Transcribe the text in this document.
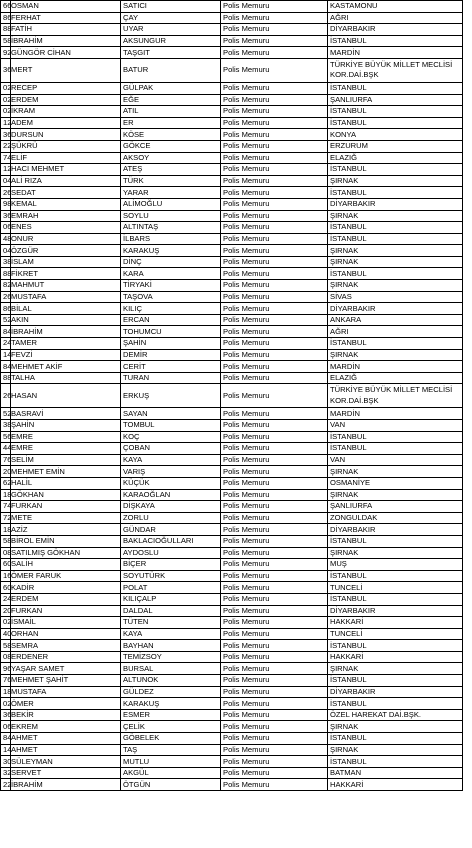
66	OSMAN	SATICI	Polis Memuru	KASTAMONU
86	FERHAT	ÇAY	Polis Memuru	AĞRI
88	FATİH	UYAR	Polis Memuru	DİYARBAKIR
58	İBRAHİM	AKSUNGUR	Polis Memuru	İSTANBUL
92	GÜNGÖR CİHAN	TAŞGIT	Polis Memuru	MARDİN
36	MERT	BATUR	Polis Memuru	TÜRKİYE BÜYÜK MİLLET MECLİSİ KOR.DAİ.BŞK
02	RECEP	GÜLPAK	Polis Memuru	İSTANBUL
02	ERDEM	EĞE	Polis Memuru	ŞANLIURFA
02	İKRAM	ATIL	Polis Memuru	İSTANBUL
12	ADEM	ER	Polis Memuru	İSTANBUL
36	DURSUN	KÖSE	Polis Memuru	KONYA
22	ŞÜKRÜ	GÖKCE	Polis Memuru	ERZURUM
74	ELİF	AKSOY	Polis Memuru	ELAZIĞ
12	HACI MEHMET	ATEŞ	Polis Memuru	İSTANBUL
04	ALİ RIZA	TÜRK	Polis Memuru	ŞIRNAK
26	SEDAT	YARAR	Polis Memuru	İSTANBUL
98	KEMAL	ALİMOĞLU	Polis Memuru	DİYARBAKIR
36	EMRAH	SOYLU	Polis Memuru	ŞIRNAK
06	ENES	ALTINTAŞ	Polis Memuru	İSTANBUL
48	ONUR	İLBARS	Polis Memuru	İSTANBUL
04	ÖZGÜR	KARAKUŞ	Polis Memuru	ŞIRNAK
38	İSLAM	DİNÇ	Polis Memuru	ŞIRNAK
88	FİKRET	KARA	Polis Memuru	İSTANBUL
82	MAHMUT	TİRYAKİ	Polis Memuru	ŞIRNAK
26	MUSTAFA	TAŞOVA	Polis Memuru	SİVAS
86	BİLAL	KILIÇ	Polis Memuru	DİYARBAKIR
52	AKIN	ERCAN	Polis Memuru	ANKARA
84	İBRAHİM	TOHUMCU	Polis Memuru	AĞRI
24	TAMER	ŞAHİN	Polis Memuru	İSTANBUL
14	FEVZİ	DEMİR	Polis Memuru	ŞIRNAK
84	MEHMET AKİF	CERİT	Polis Memuru	MARDİN
88	TALHA	TURAN	Polis Memuru	ELAZIĞ
26	HASAN	ERKUŞ	Polis Memuru	TÜRKİYE BÜYÜK MİLLET MECLİSİ KOR.DAİ.BŞK
52	BASRAVİ	SAYAN	Polis Memuru	MARDİN
38	ŞAHİN	TOMBUL	Polis Memuru	VAN
56	EMRE	KOÇ	Polis Memuru	İSTANBUL
44	EMRE	ÇOBAN	Polis Memuru	İSTANBUL
76	SELİM	KAYA	Polis Memuru	VAN
20	MEHMET EMİN	VARIŞ	Polis Memuru	ŞIRNAK
62	HALİL	KÜÇÜK	Polis Memuru	OSMANİYE
18	GÖKHAN	KARAOĞLAN	Polis Memuru	ŞIRNAK
74	FURKAN	DİŞKAYA	Polis Memuru	ŞANLIURFA
72	METE	ZORLU	Polis Memuru	ZONGULDAK
18	AZİZ	GÜNDAR	Polis Memuru	DİYARBAKIR
58	BİROL EMİN	BAKLACIOĞULLARI	Polis Memuru	İSTANBUL
08	SATILMIŞ GÖKHAN	AYDOSLU	Polis Memuru	ŞIRNAK
60	SALİH	BİÇER	Polis Memuru	MUŞ
16	ÖMER FARUK	SOYUTÜRK	Polis Memuru	İSTANBUL
60	KADİR	POLAT	Polis Memuru	TUNCELİ
24	ERDEM	KILIÇALP	Polis Memuru	İSTANBUL
20	FURKAN	DALDAL	Polis Memuru	DİYARBAKIR
02	İSMAİL	TÜTEN	Polis Memuru	HAKKARİ
40	ORHAN	KAYA	Polis Memuru	TUNCELİ
58	SEMRA	BAYHAN	Polis Memuru	İSTANBUL
08	ERDENER	TEMİZSOY	Polis Memuru	HAKKARİ
96	YAŞAR SAMET	BURSAL	Polis Memuru	ŞIRNAK
76	MEHMET ŞAHİT	ALTUNOK	Polis Memuru	İSTANBUL
18	MUSTAFA	GÜLDEZ	Polis Memuru	DİYARBAKIR
02	ÖMER	KARAKUŞ	Polis Memuru	İSTANBUL
36	BEKİR	ESMER	Polis Memuru	ÖZEL HAREKAT DAİ.BŞK.
06	EKREM	ÇELİK	Polis Memuru	ŞIRNAK
84	AHMET	GÖBELEK	Polis Memuru	İSTANBUL
14	AHMET	TAŞ	Polis Memuru	ŞIRNAK
30	SÜLEYMAN	MUTLU	Polis Memuru	İSTANBUL
32	SERVET	AKGÜL	Polis Memuru	BATMAN
22	İBRAHİM	ÖTGÜN	Polis Memuru	HAKKARİ
